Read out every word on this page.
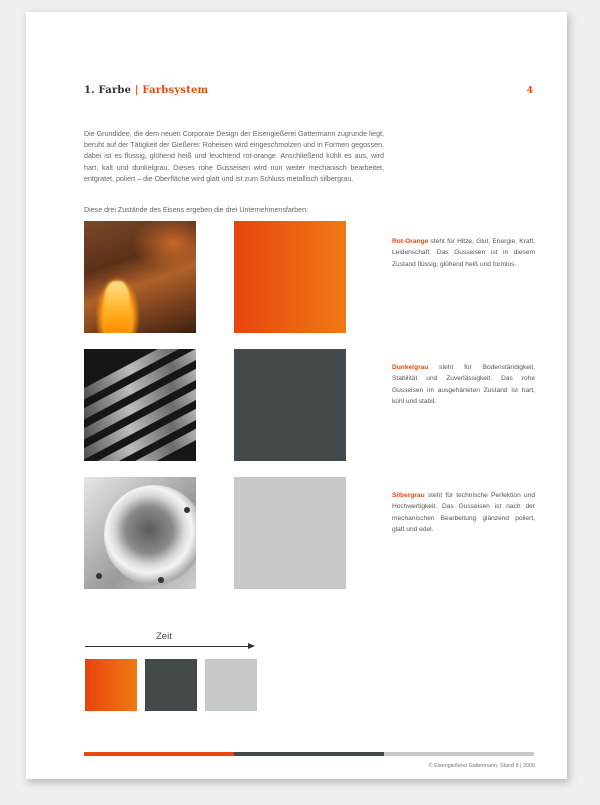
1. Farbe | Farbsystem	4

Die Grundidee, die dem neuen Corporate Design der Eisengießerei Gattermann zugrunde liegt, beruht auf der Tätigkeit der Gießerei: Roheisen wird eingeschmolzen und in Formen gegossen, dabei ist es flüssig, glühend heiß und leuchtend rot-orange. Anschließend kühlt es aus, wird hart, kalt und dunkelgrau. Dieses rohe Gusseisen wird nun weiter mechanisch bearbeitet, entgratet, poliert – die Oberfläche wird glatt und ist zum Schluss metallisch silbergrau.

Diese drei Zustände des Eisens ergeben die drei Unternehmensfarben:

Rot-Orange steht für Hitze, Glut, Energie, Kraft, Leidenschaft. Das Gusseisen ist in diesem Zustand flüssig, glühend heiß und formlos.

Dunkelgrau steht für Bodenständigkeit, Stabilität und Zuverlässigkeit. Das rohe Gusseisen im ausgehärteten Zustand ist hart, kühl und stabil.

Silbergrau steht für technische Perfektion und Hochwertigkeit. Das Gusseisen ist nach der mechanischen Bearbeitung glänzend poliert, glatt und edel.

Zeit
© Eisengießerei Gattermann, Stand 8 | 2009
